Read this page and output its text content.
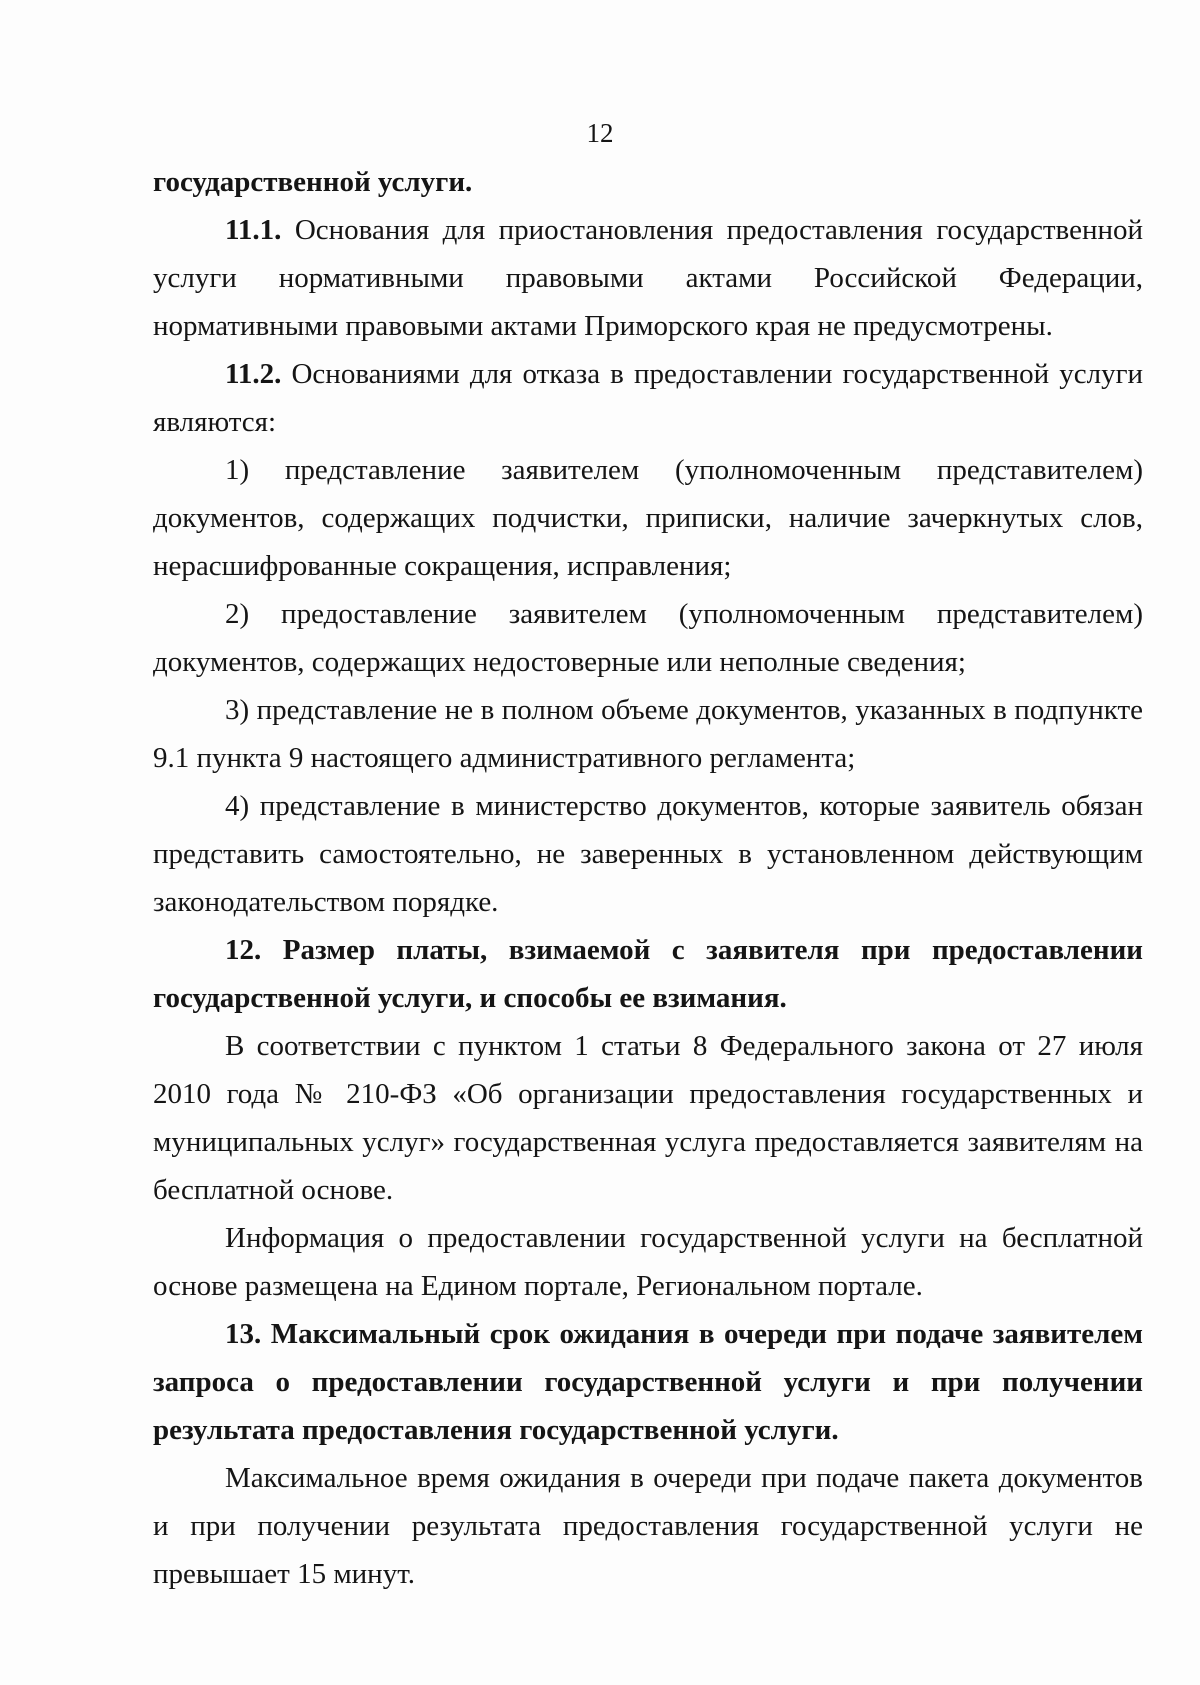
12

государственной услуги.

11.1. Основания для приостановления предоставления государственной услуги нормативными правовыми актами Российской Федерации, нормативными правовыми актами Приморского края не предусмотрены.

11.2. Основаниями для отказа в предоставлении государственной услуги являются:

1) представление заявителем (уполномоченным представителем) документов, содержащих подчистки, приписки, наличие зачеркнутых слов, нерасшифрованные сокращения, исправления;

2) предоставление заявителем (уполномоченным представителем) документов, содержащих недостоверные или неполные сведения;

3) представление не в полном объеме документов, указанных в подпункте 9.1 пункта 9 настоящего административного регламента;

4) представление в министерство документов, которые заявитель обязан представить самостоятельно, не заверенных в установленном действующим законодательством порядке.

12. Размер платы, взимаемой с заявителя при предоставлении государственной услуги, и способы ее взимания.

В соответствии с пунктом 1 статьи 8 Федерального закона от 27 июля 2010 года № 210-ФЗ «Об организации предоставления государственных и муниципальных услуг» государственная услуга предоставляется заявителям на бесплатной основе.

Информация о предоставлении государственной услуги на бесплатной основе размещена на Едином портале, Региональном портале.

13. Максимальный срок ожидания в очереди при подаче заявителем запроса о предоставлении государственной услуги и при получении результата предоставления государственной услуги.

Максимальное время ожидания в очереди при подаче пакета документов и при получении результата предоставления государственной услуги не превышает 15 минут.
